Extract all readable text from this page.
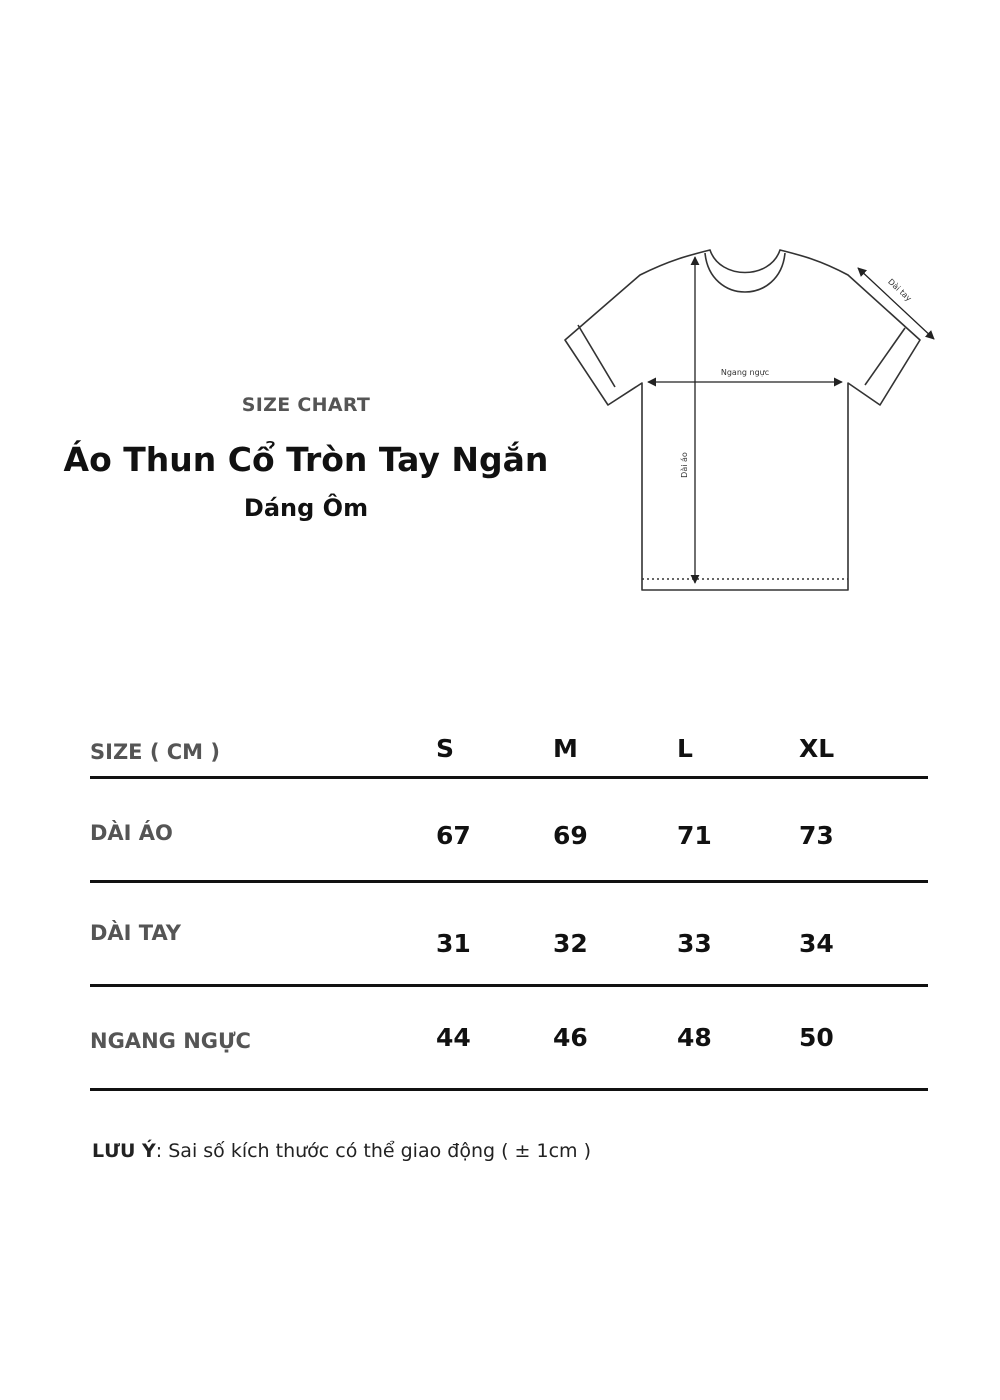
SIZE CHART
Áo Thun Cổ Tròn Tay Ngắn
Dáng Ôm
Ngang ngực
Dài áo
Dài tay
SIZE ( CM )	S	M	L	XL
DÀI ÁO	67	69	71	73
DÀI TAY	31	32	33	34
NGANG NGỰC	44	46	48	50
LƯU Ý: Sai số kích thước có thể giao động ( ± 1cm )
